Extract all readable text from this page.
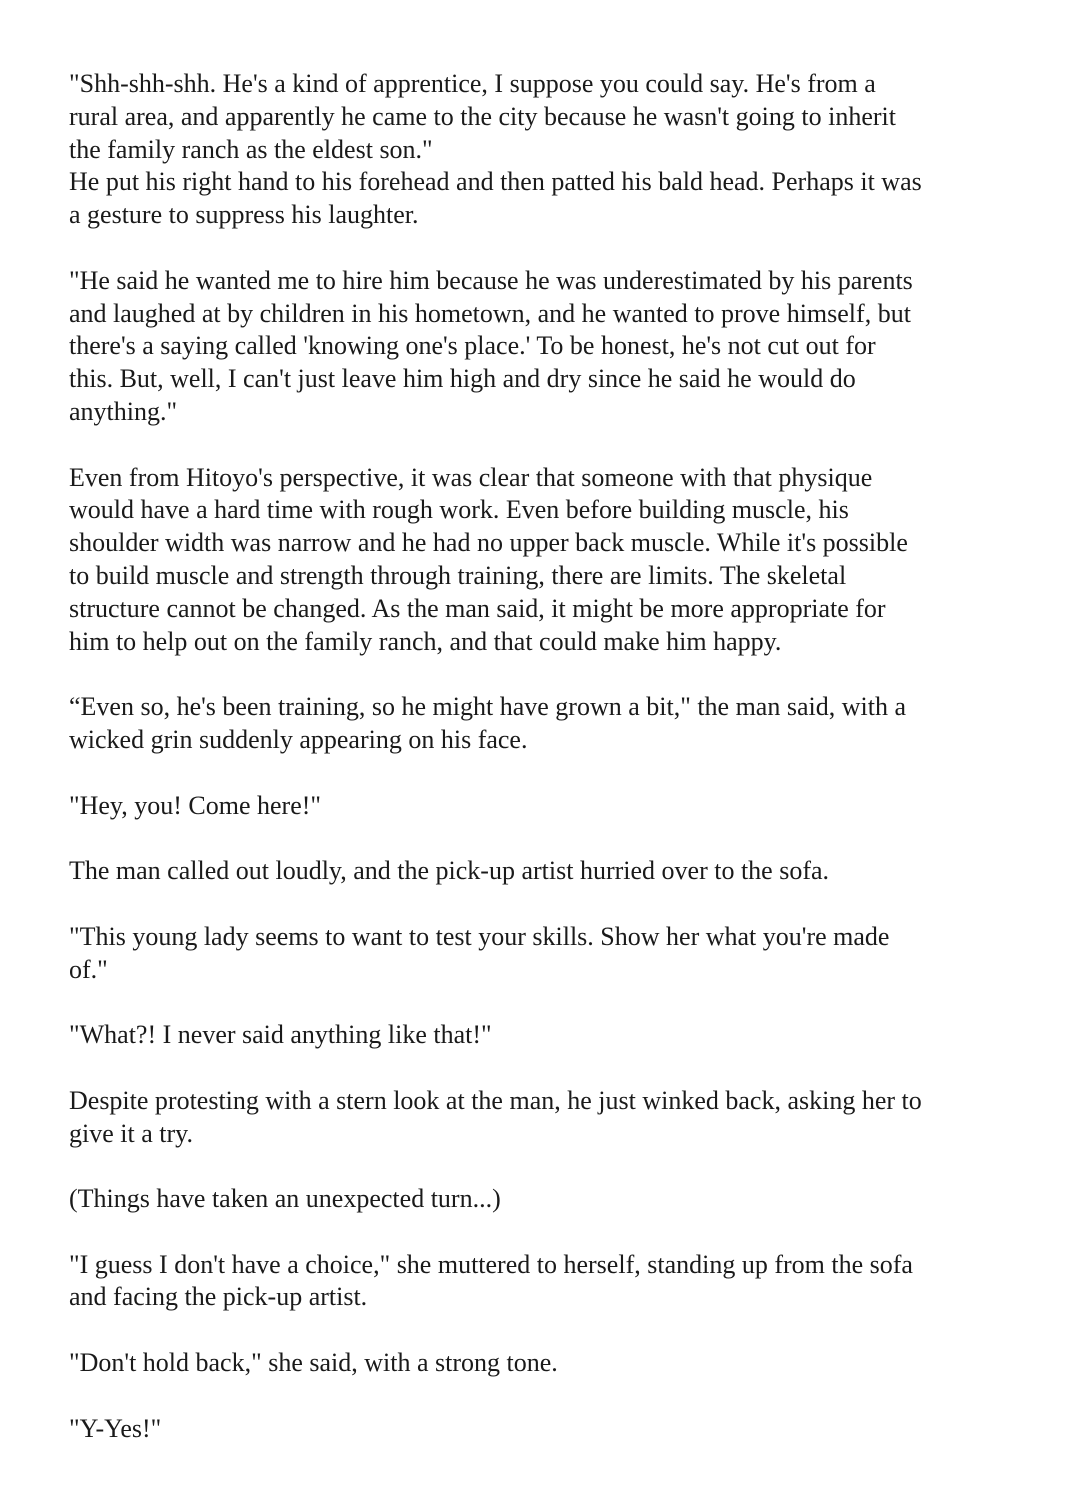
"Shh-shh-shh. He's a kind of apprentice, I suppose you could say. He's from a
rural area, and apparently he came to the city because he wasn't going to inherit
the family ranch as the eldest son."
He put his right hand to his forehead and then patted his bald head. Perhaps it was
a gesture to suppress his laughter.

"He said he wanted me to hire him because he was underestimated by his parents
and laughed at by children in his hometown, and he wanted to prove himself, but
there's a saying called 'knowing one's place.' To be honest, he's not cut out for
this. But, well, I can't just leave him high and dry since he said he would do
anything."

Even from Hitoyo's perspective, it was clear that someone with that physique
would have a hard time with rough work. Even before building muscle, his
shoulder width was narrow and he had no upper back muscle. While it's possible
to build muscle and strength through training, there are limits. The skeletal
structure cannot be changed. As the man said, it might be more appropriate for
him to help out on the family ranch, and that could make him happy.

“Even so, he's been training, so he might have grown a bit," the man said, with a
wicked grin suddenly appearing on his face.

"Hey, you! Come here!"

The man called out loudly, and the pick-up artist hurried over to the sofa.

"This young lady seems to want to test your skills. Show her what you're made
of."

"What?! I never said anything like that!"

Despite protesting with a stern look at the man, he just winked back, asking her to
give it a try.

(Things have taken an unexpected turn...)

"I guess I don't have a choice," she muttered to herself, standing up from the sofa
and facing the pick-up artist.

"Don't hold back," she said, with a strong tone.

"Y-Yes!"
